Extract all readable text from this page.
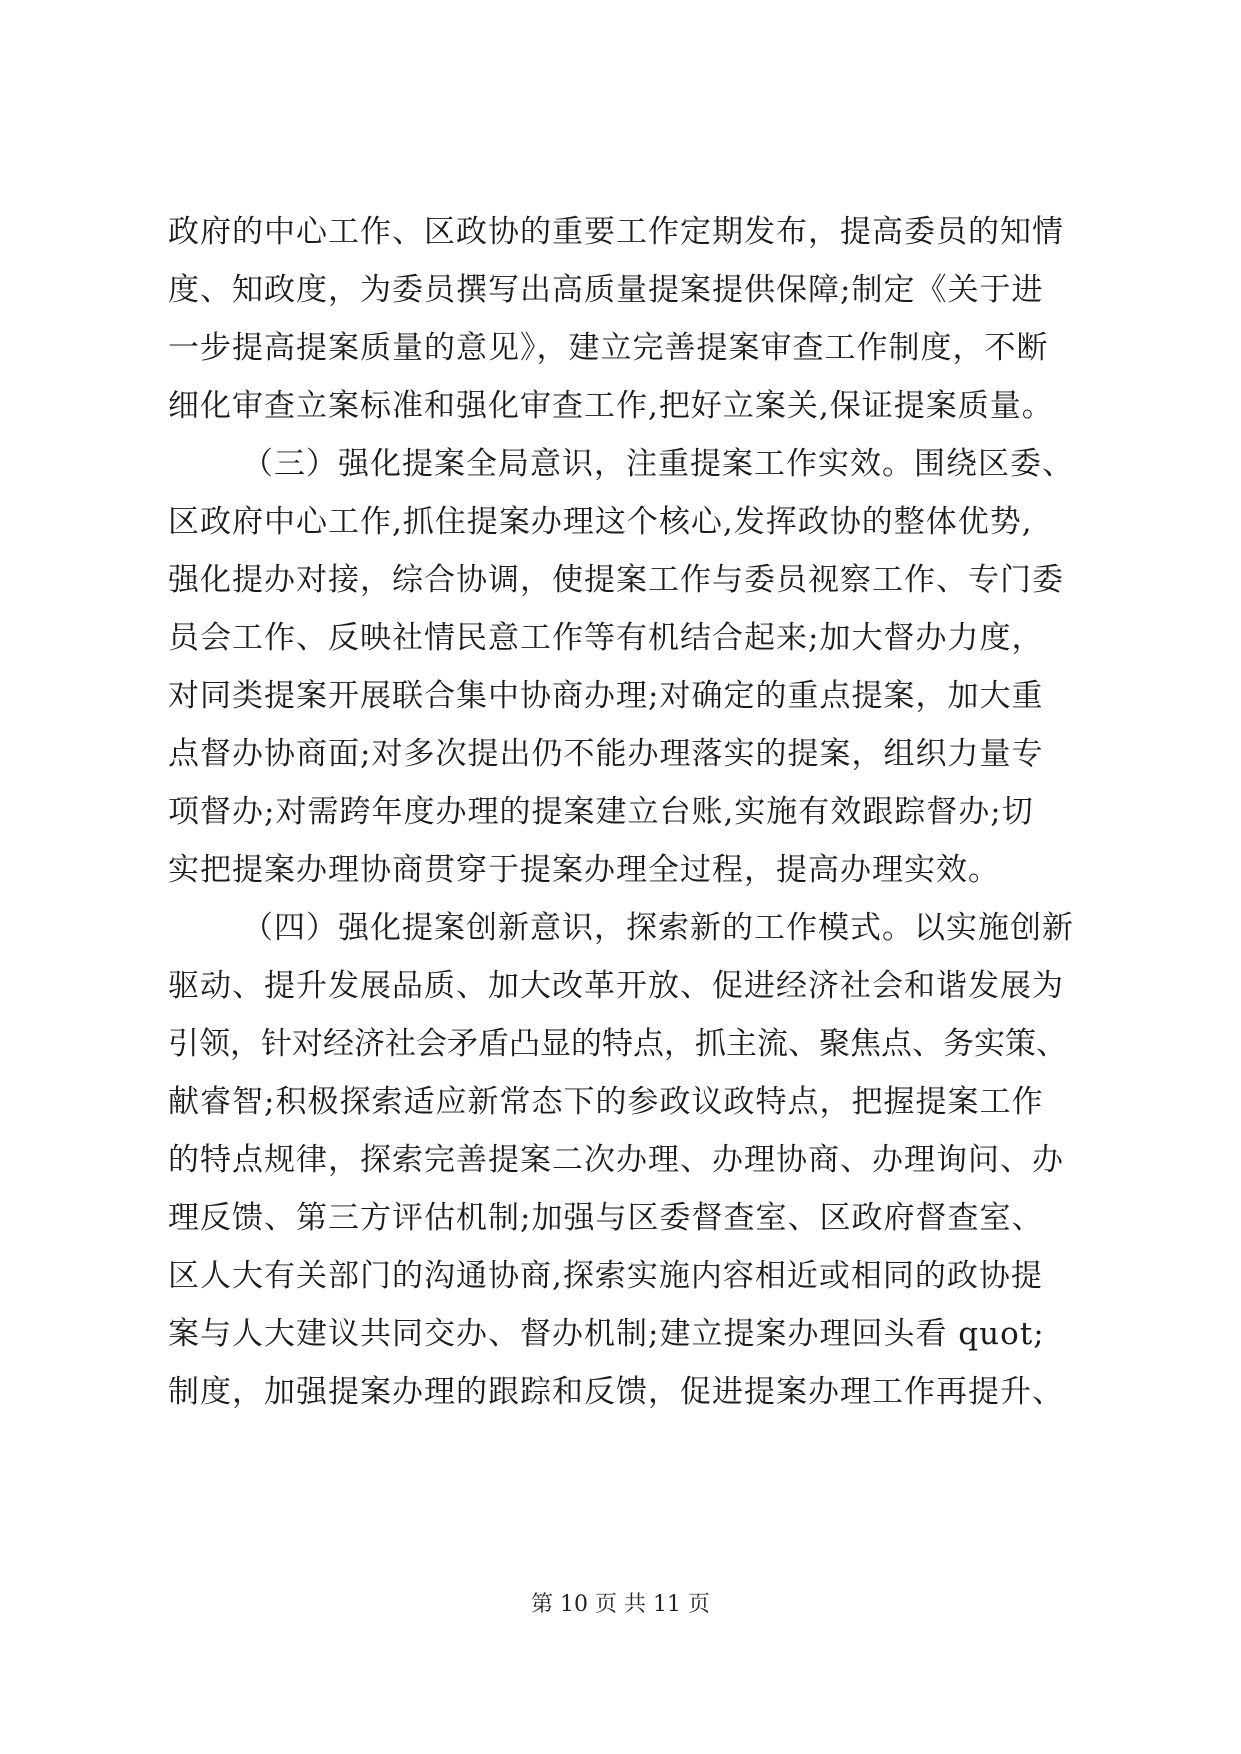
政府的中心工作、区政协的重要工作定期发布，提高委员的知情
度、知政度，为委员撰写出高质量提案提供保障;制定《关于进
一步提高提案质量的意见》，建立完善提案审查工作制度，不断
细化审查立案标准和强化审查工作,把好立案关,保证提案质量。
（三）强化提案全局意识，注重提案工作实效。围绕区委、
区政府中心工作,抓住提案办理这个核心,发挥政协的整体优势,
强化提办对接，综合协调，使提案工作与委员视察工作、专门委
员会工作、反映社情民意工作等有机结合起来;加大督办力度，
对同类提案开展联合集中协商办理;对确定的重点提案，加大重
点督办协商面;对多次提出仍不能办理落实的提案，组织力量专
项督办;对需跨年度办理的提案建立台账,实施有效跟踪督办;切
实把提案办理协商贯穿于提案办理全过程，提高办理实效。
（四）强化提案创新意识，探索新的工作模式。以实施创新
驱动、提升发展品质、加大改革开放、促进经济社会和谐发展为
引领，针对经济社会矛盾凸显的特点，抓主流、聚焦点、务实策、
献睿智;积极探索适应新常态下的参政议政特点，把握提案工作
的特点规律，探索完善提案二次办理、办理协商、办理询问、办
理反馈、第三方评估机制;加强与区委督查室、区政府督查室、
区人大有关部门的沟通协商,探索实施内容相近或相同的政协提
案与人大建议共同交办、督办机制;建立提案办理回头看 quot;
制度，加强提案办理的跟踪和反馈，促进提案办理工作再提升、
第 10 页 共 11 页
